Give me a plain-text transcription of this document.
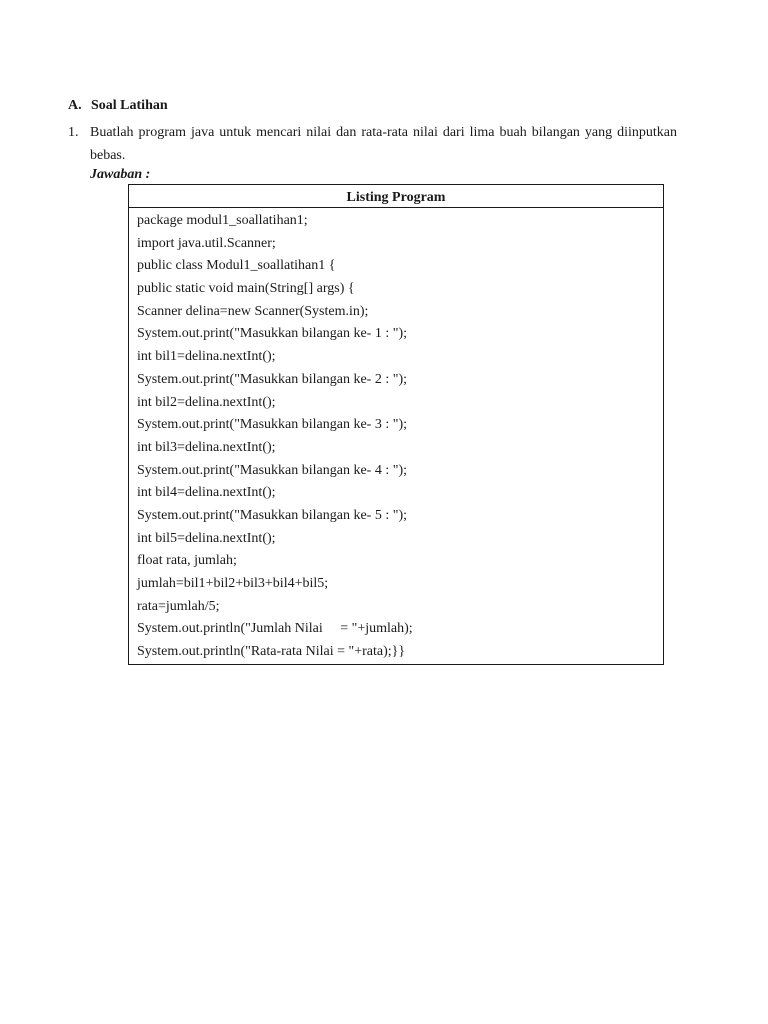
A. Soal Latihan
1. Buatlah program java untuk mencari nilai dan rata-rata nilai dari lima buah bilangan yang diinputkan bebas.
Jawaban :
Listing Program
package modul1_soallatihan1;
import java.util.Scanner;
public class Modul1_soallatihan1 {
public static void main(String[] args) {
Scanner delina=new Scanner(System.in);
System.out.print("Masukkan bilangan ke- 1 : ");
int bil1=delina.nextInt();
System.out.print("Masukkan bilangan ke- 2 : ");
int bil2=delina.nextInt();
System.out.print("Masukkan bilangan ke- 3 : ");
int bil3=delina.nextInt();
System.out.print("Masukkan bilangan ke- 4 : ");
int bil4=delina.nextInt();
System.out.print("Masukkan bilangan ke- 5 : ");
int bil5=delina.nextInt();
float rata, jumlah;
jumlah=bil1+bil2+bil3+bil4+bil5;
rata=jumlah/5;
System.out.println("Jumlah Nilai     = "+jumlah);
System.out.println("Rata-rata Nilai = "+rata);}}
